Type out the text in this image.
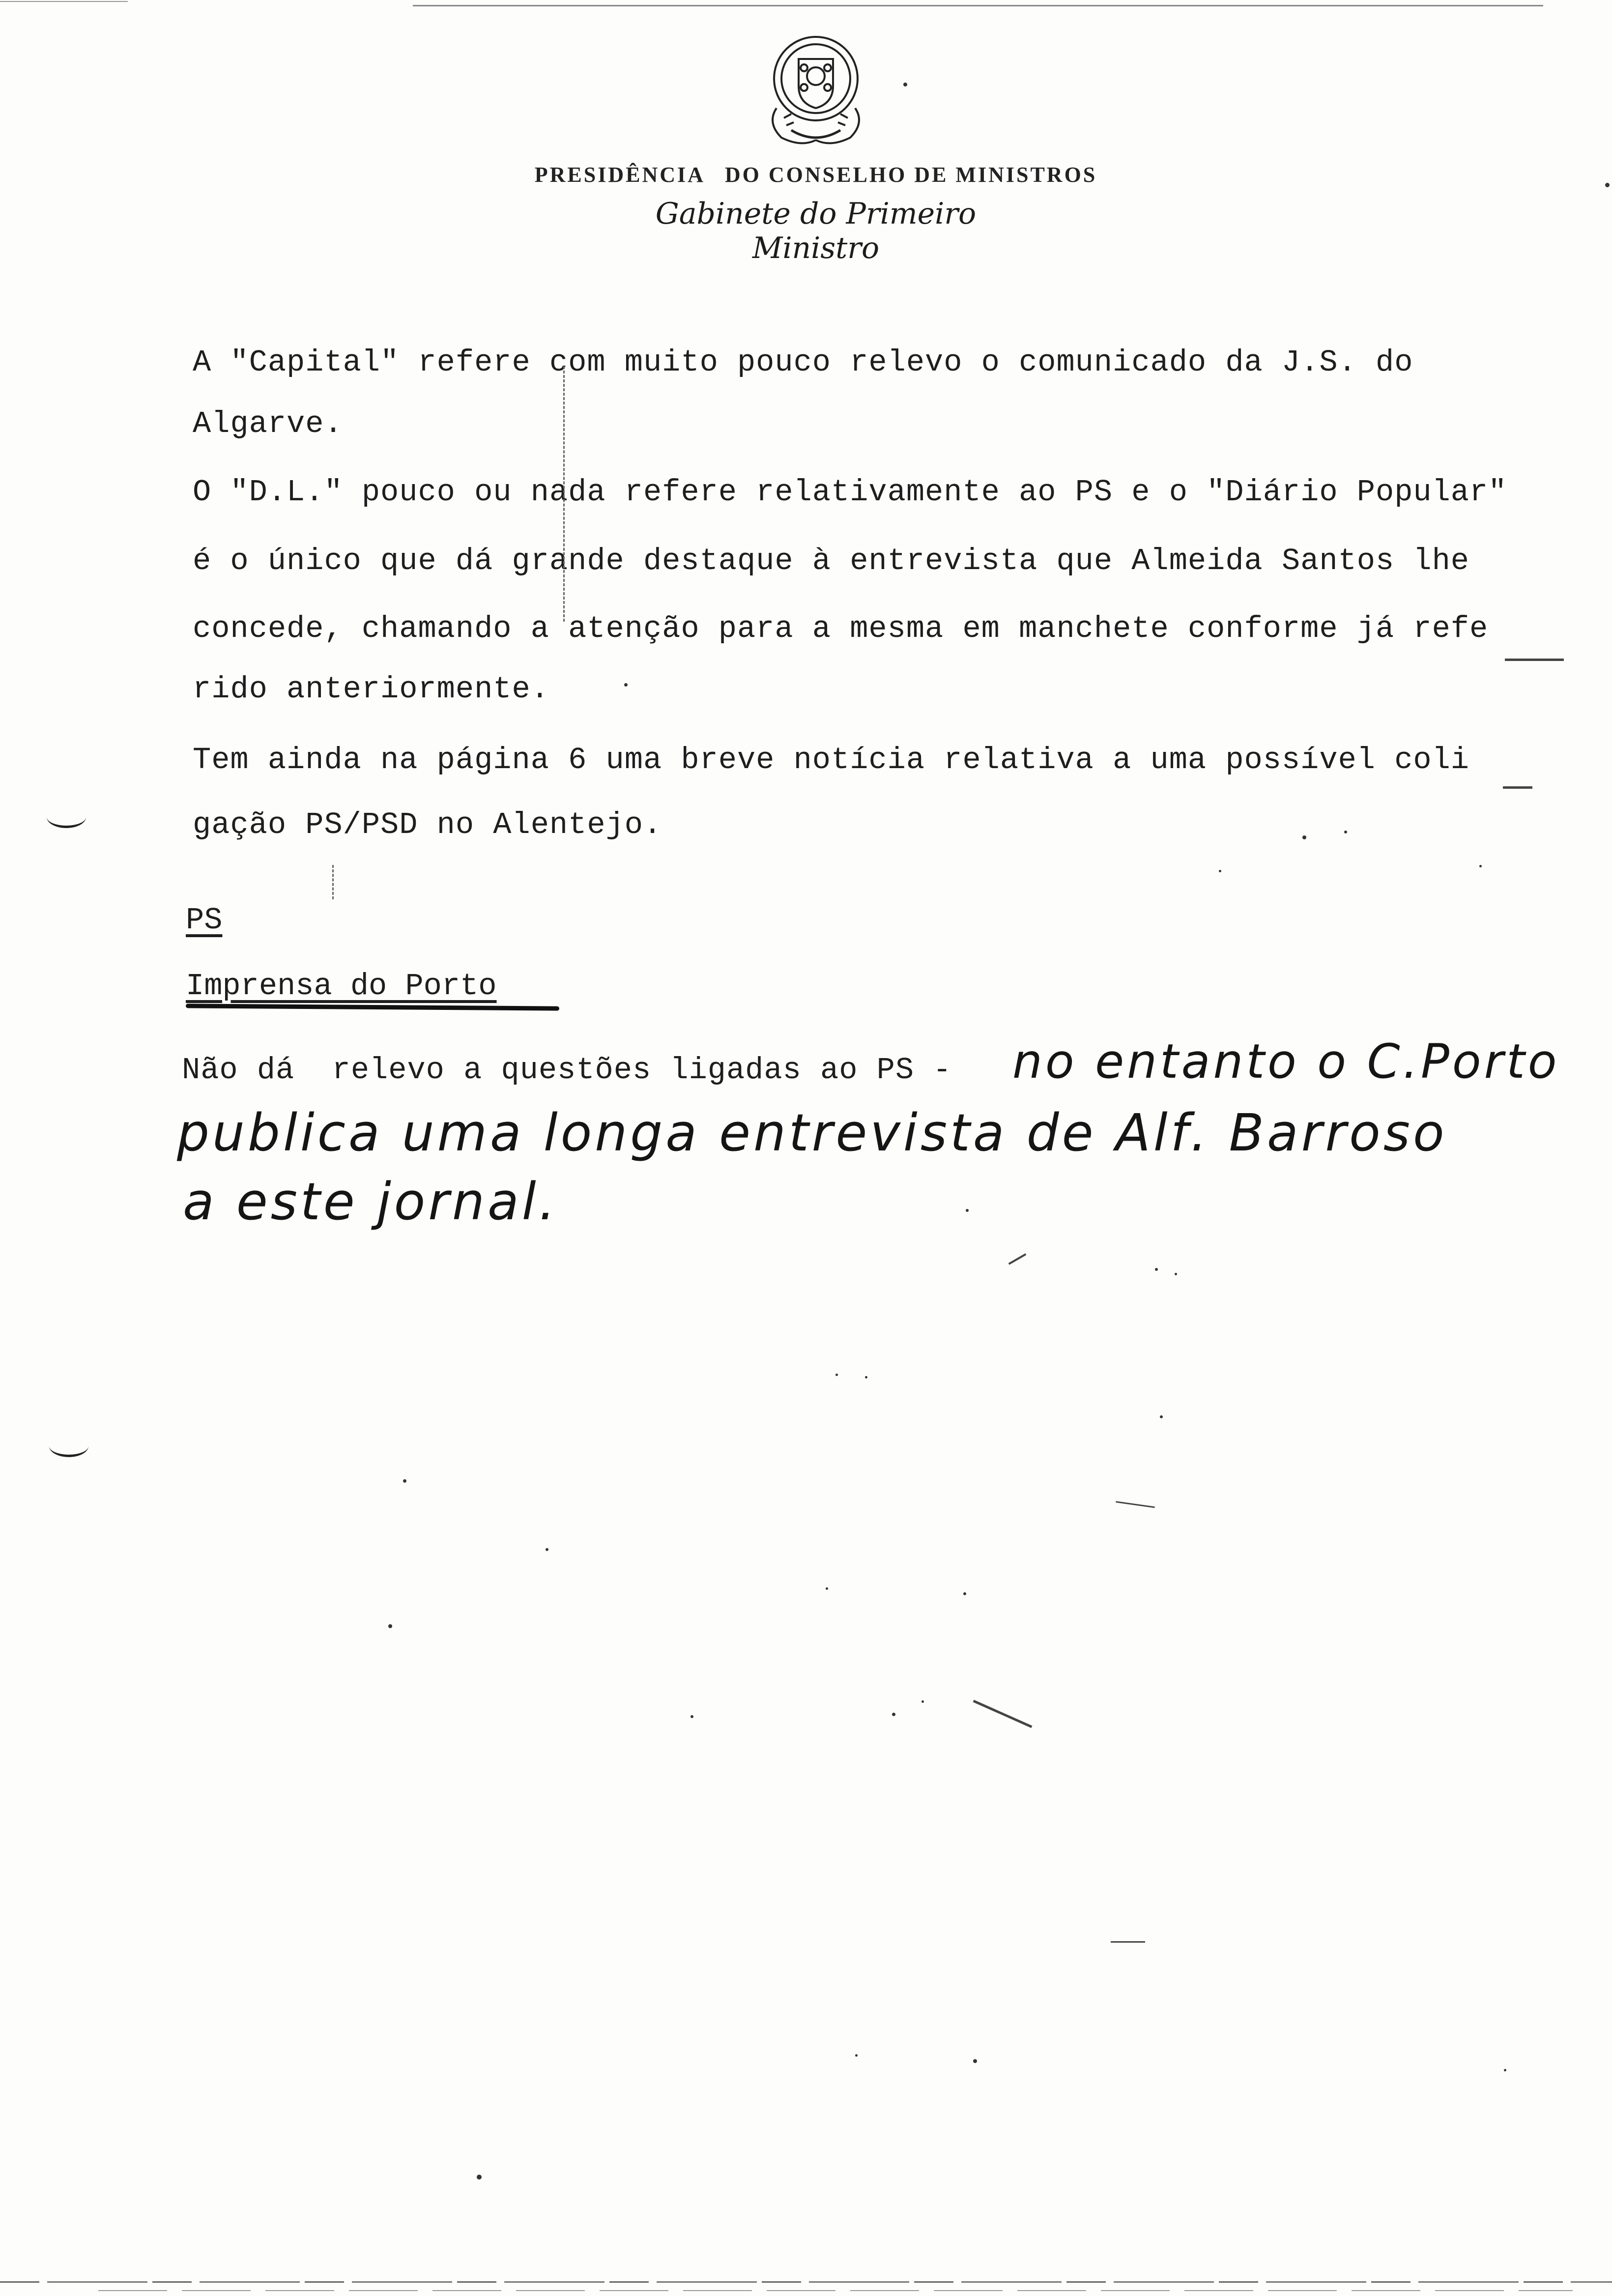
PRESIDÊNCIA DO CONSELHO DE MINISTROS
Gabinete do Primeiro Ministro
A "Capital" refere com muito pouco relevo o comunicado da J.S. do
Algarve.
O "D.L." pouco ou nada refere relativamente ao PS e o "Diário Popular"
é o único que dá grande destaque à entrevista que Almeida Santos lhe
concede, chamando a atenção para a mesma em manchete conforme já refe
rido anteriormente.
Tem ainda na página 6 uma breve notícia relativa a uma possível coli
gação PS/PSD no Alentejo.
PS
Imprensa do Porto
Não dá  relevo a questões ligadas ao PS - no entanto o C.Porto
publica uma longa entrevista de Alf. Barroso
a este jornal.
